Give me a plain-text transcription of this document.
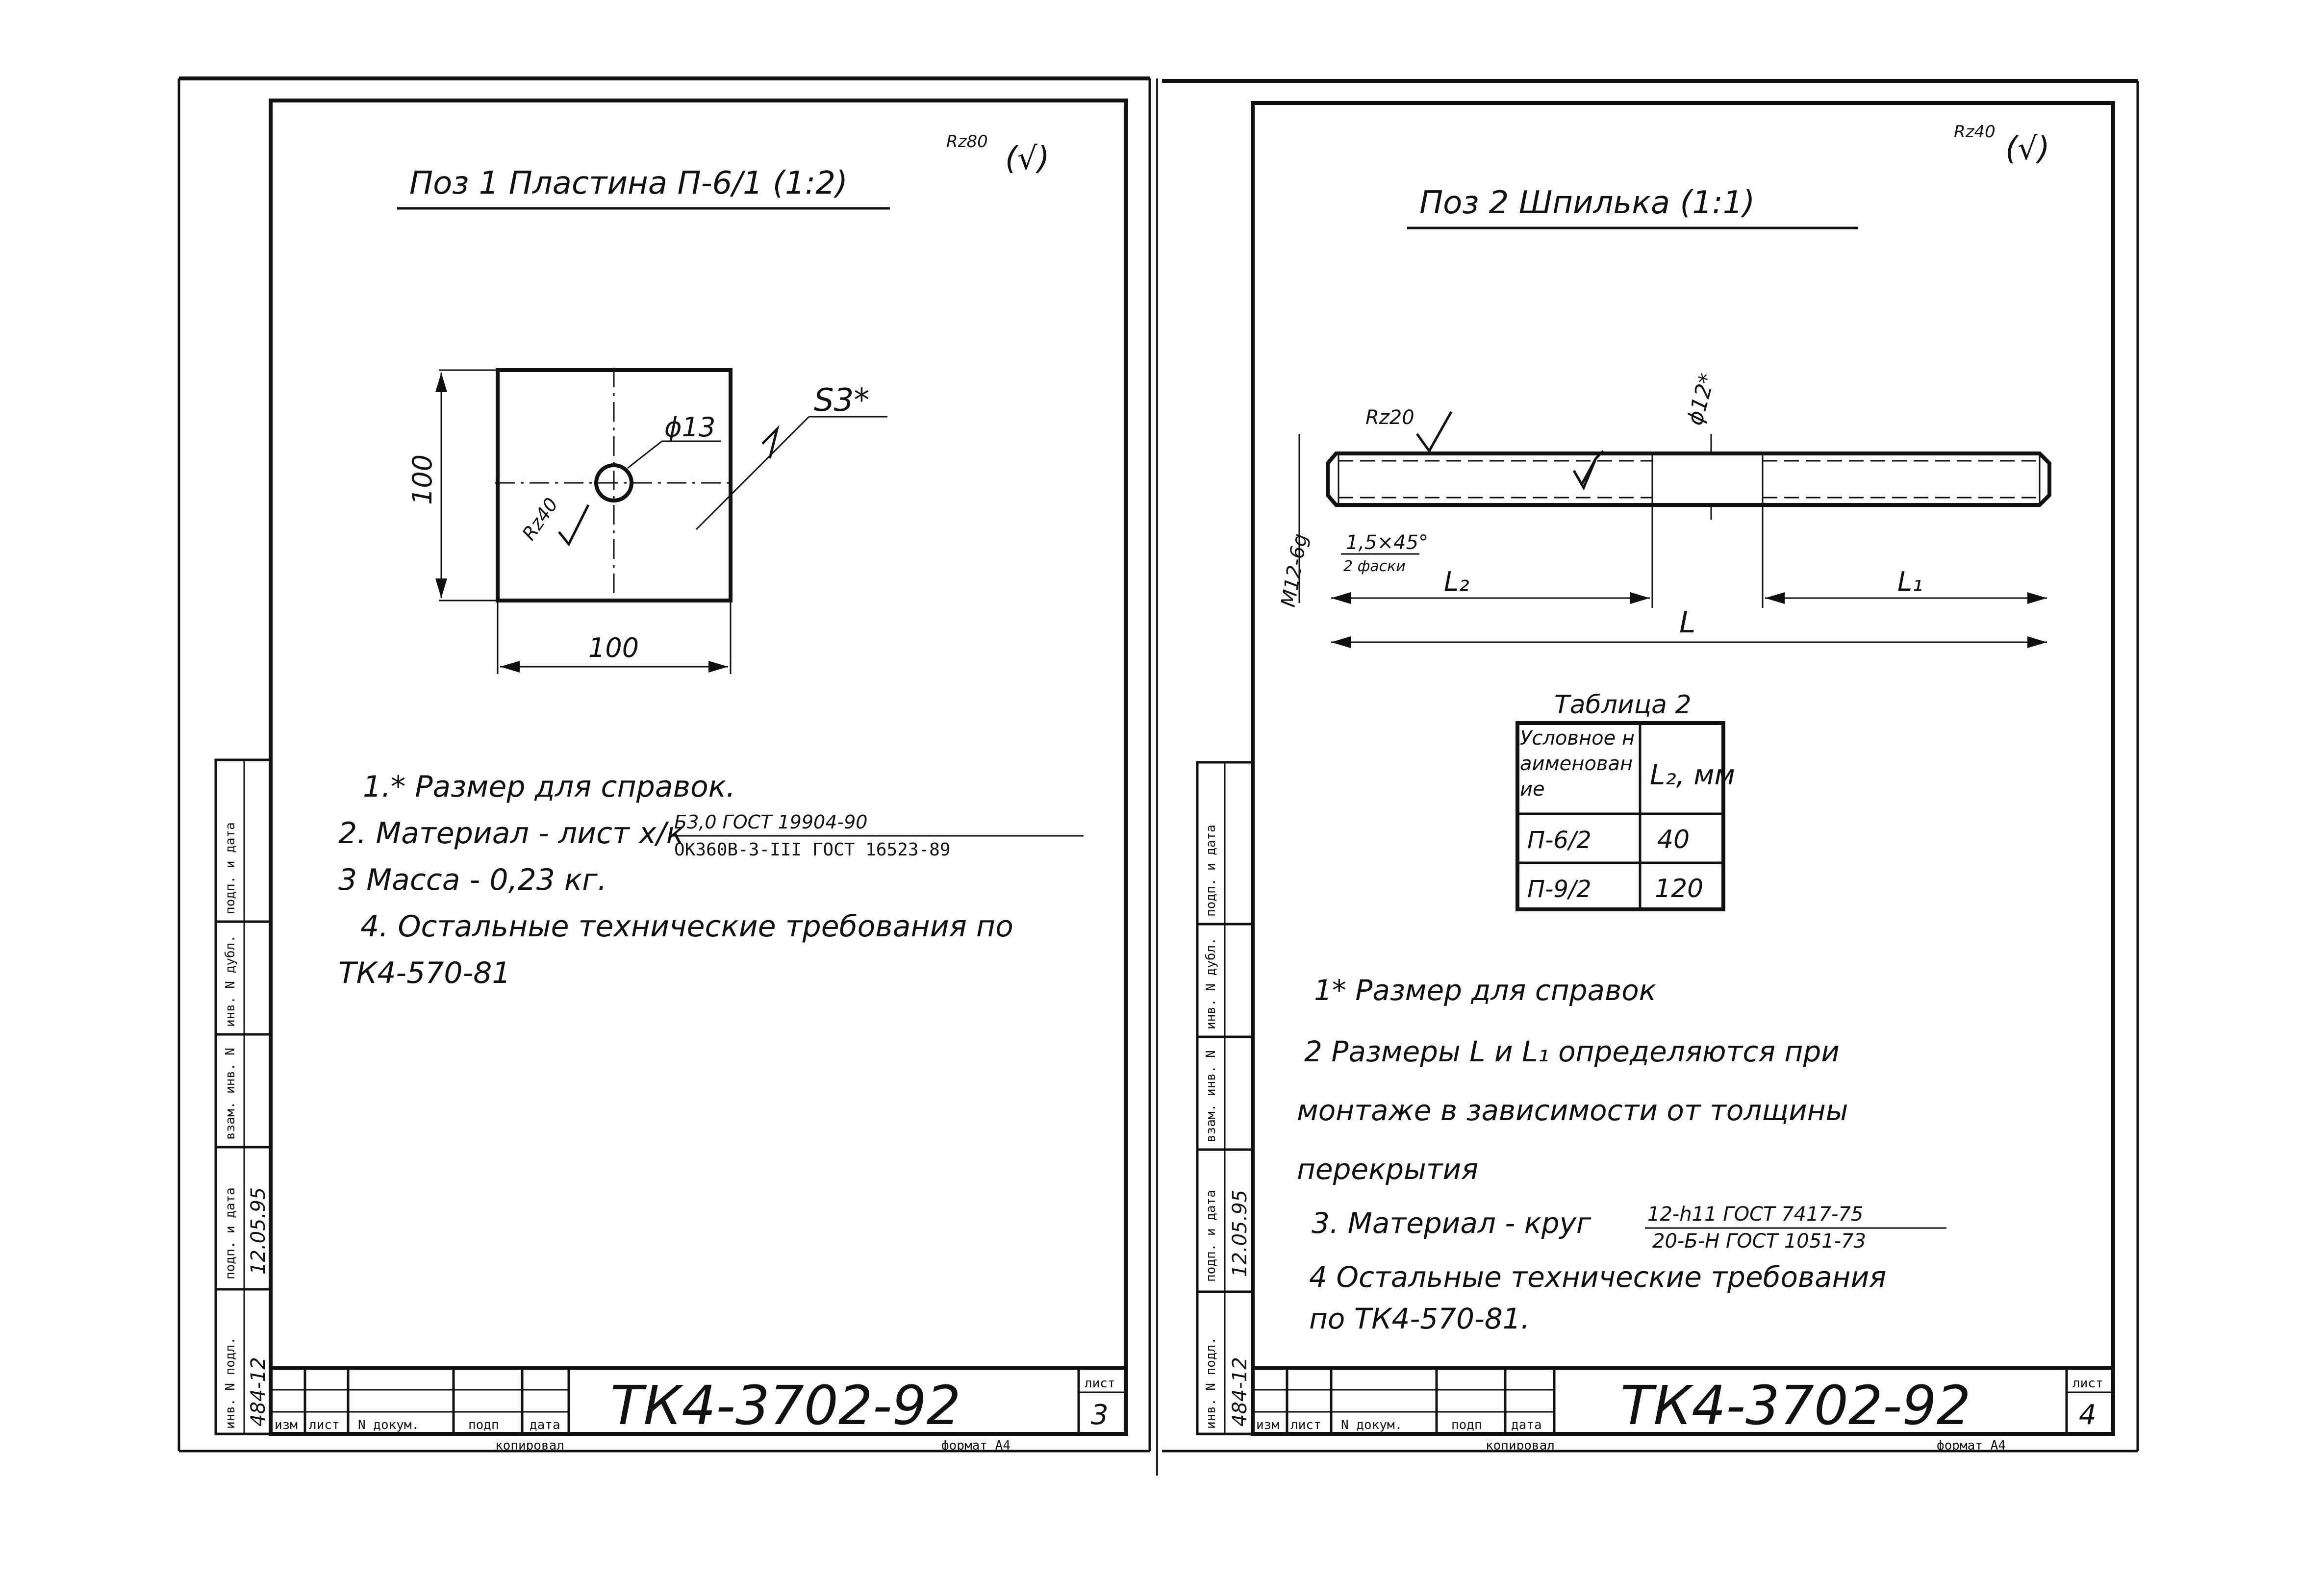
инв. N подл.
подп. и дата
взам. инв. N
инв. N дубл.
подп. и дата
484-12
12.05.95
Rz80 (√)
Поз 1 Пластина П-6/1 (1:2)
100
100
ϕ13
S3*
Rz40
1.* Размер для справок.
2. Материал - лист х/к
Б3,0 ГОСТ 19904-90
ОК360В-3-III ГОСТ 16523-89
3 Масса - 0,23 кг.
4. Остальные технические требования по
ТК4-570-81
изм лист N докум.	подп дата ТК4-3702-92	лист
3
копировал	формат А4
инв. N подл.
подп. и дата
взам. инв. N
инв. N дубл.
подп. и дата
484-12
12.05.95
Rz40 (√)
Поз 2 Шпилька (1:1)
Rz20	ϕ12*
M12-6g 1,5×45°
2 фаски L₂	L₁
L
Таблица 2
Условное наименование	L₂, мм
П-6/2	40
П-9/2 120
1* Размер для справок
2 Размеры L и L₁ определяются при
монтаже в зависимости от толщины
перекрытия
3. Материал - круг	12-h11 ГОСТ 7417-75
20-Б-Н ГОСТ 1051-73
4 Остальные технические требования
по ТК4-570-81.
изм лист N докум.	подп дата ТК4-3702-92	лист
4
копировал	формат А4
